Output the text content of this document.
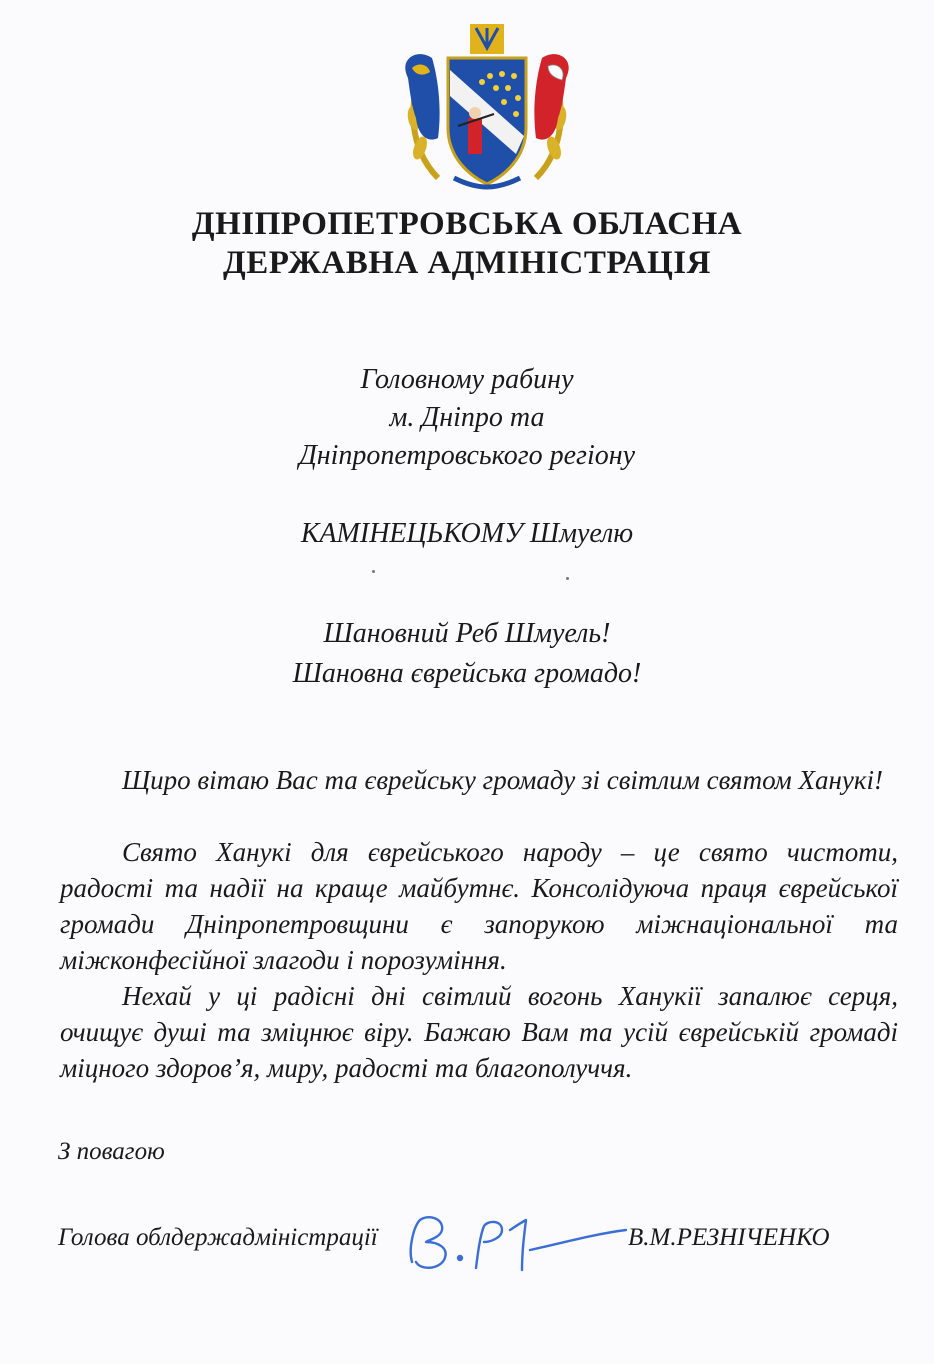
ДНІПРОПЕТРОВСЬКА ОБЛАСНА
ДЕРЖАВНА АДМІНІСТРАЦІЯ
Головному рабину
м. Дніпро та
Дніпропетровського регіону
КАМІНЕЦЬКОМУ Шмуелю
Шановний Реб Шмуель!
Шановна єврейська громадо!
Щиро вітаю Вас та єврейську громаду зі світлим святом Ханукі!
Свято Ханукі для єврейського народу – це свято чистоти, радості та надії на краще майбутнє. Консолідуюча праця єврейської громади Дніпропетровщини є запорукою міжнаціональної та міжконфесійної злагоди і порозуміння.
Нехай у ці радісні дні світлий вогонь Ханукії запалює серця, очищує душі та зміцнює віру. Бажаю Вам та усій єврейській громаді міцного здоров’я, миру, радості та благополуччя.
З повагою
Голова облдержадміністрації	В.М.РЕЗНІЧЕНКО
